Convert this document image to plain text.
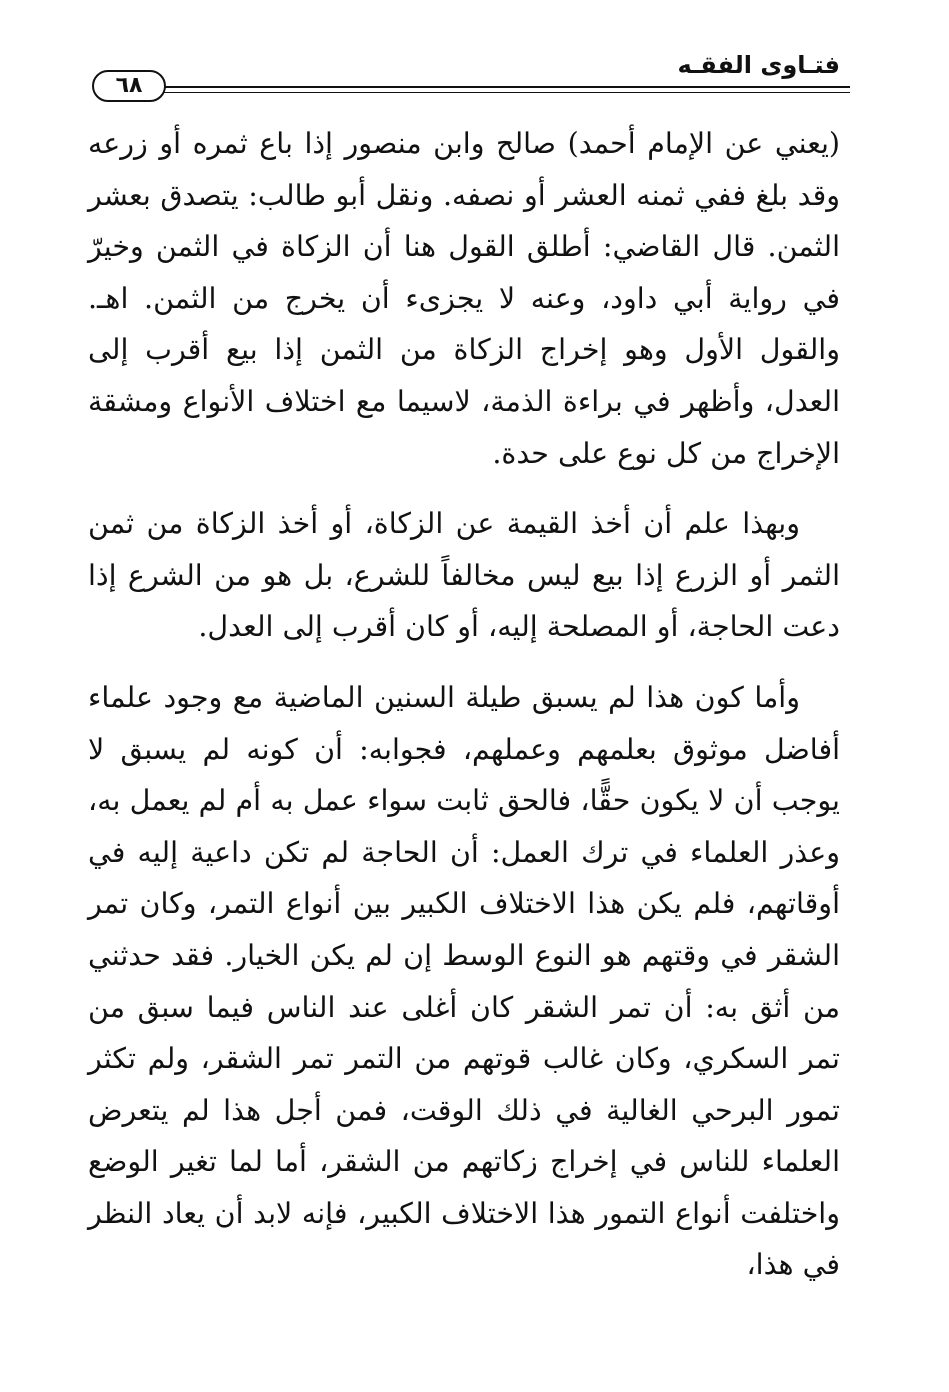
فتـاوى الفقـه
٦٨

(يعني عن الإمام أحمد) صالح وابن منصور إذا باع ثمره أو زرعه وقد بلغ ففي ثمنه العشر أو نصفه. ونقل أبو طالب: يتصدق بعشر الثمن. قال القاضي: أطلق القول هنا أن الزكاة في الثمن وخيرّ في رواية أبي داود، وعنه لا يجزىء أن يخرج من الثمن. اهـ. والقول الأول وهو إخراج الزكاة من الثمن إذا بيع أقرب إلى العدل، وأظهر في براءة الذمة، لاسيما مع اختلاف الأنواع ومشقة الإخراج من كل نوع على حدة.

وبهذا علم أن أخذ القيمة عن الزكاة، أو أخذ الزكاة من ثمن الثمر أو الزرع إذا بيع ليس مخالفاً للشرع، بل هو من الشرع إذا دعت الحاجة، أو المصلحة إليه، أو كان أقرب إلى العدل.

وأما كون هذا لم يسبق طيلة السنين الماضية مع وجود علماء أفاضل موثوق بعلمهم وعملهم، فجوابه: أن كونه لم يسبق لا يوجب أن لا يكون حقًّا، فالحق ثابت سواء عمل به أم لم يعمل به، وعذر العلماء في ترك العمل: أن الحاجة لم تكن داعية إليه في أوقاتهم، فلم يكن هذا الاختلاف الكبير بين أنواع التمر، وكان تمر الشقر في وقتهم هو النوع الوسط إن لم يكن الخيار. فقد حدثني من أثق به: أن تمر الشقر كان أغلى عند الناس فيما سبق من تمر السكري، وكان غالب قوتهم من التمر تمر الشقر، ولم تكثر تمور البرحي الغالية في ذلك الوقت، فمن أجل هذا لم يتعرض العلماء للناس في إخراج زكاتهم من الشقر، أما لما تغير الوضع واختلفت أنواع التمور هذا الاختلاف الكبير، فإنه لابد أن يعاد النظر في هذا،
